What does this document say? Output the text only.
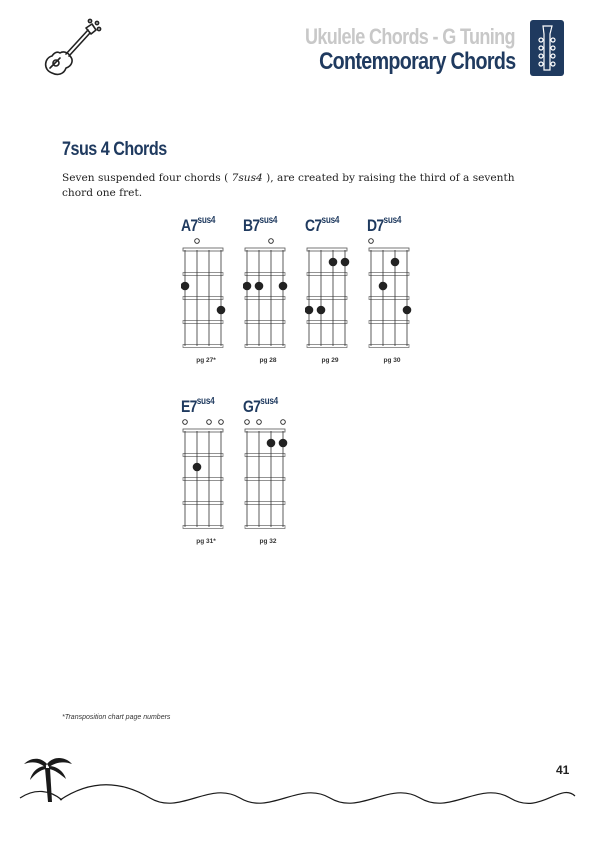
Ukulele Chords - G Tuning
Contemporary Chords
7sus 4 Chords
Seven suspended four chords ( 7sus4 ), are created by raising the third of a seventh chord one fret.
$A7^{sus4}$
pg 27*
$B7^{sus4}$
pg 28
$C7^{sus4}$
pg 29
$D7^{sus4}$
pg 30
$E7^{sus4}$
pg 31*
$G7^{sus4}$
pg 32
*Transposition chart page numbers
41
